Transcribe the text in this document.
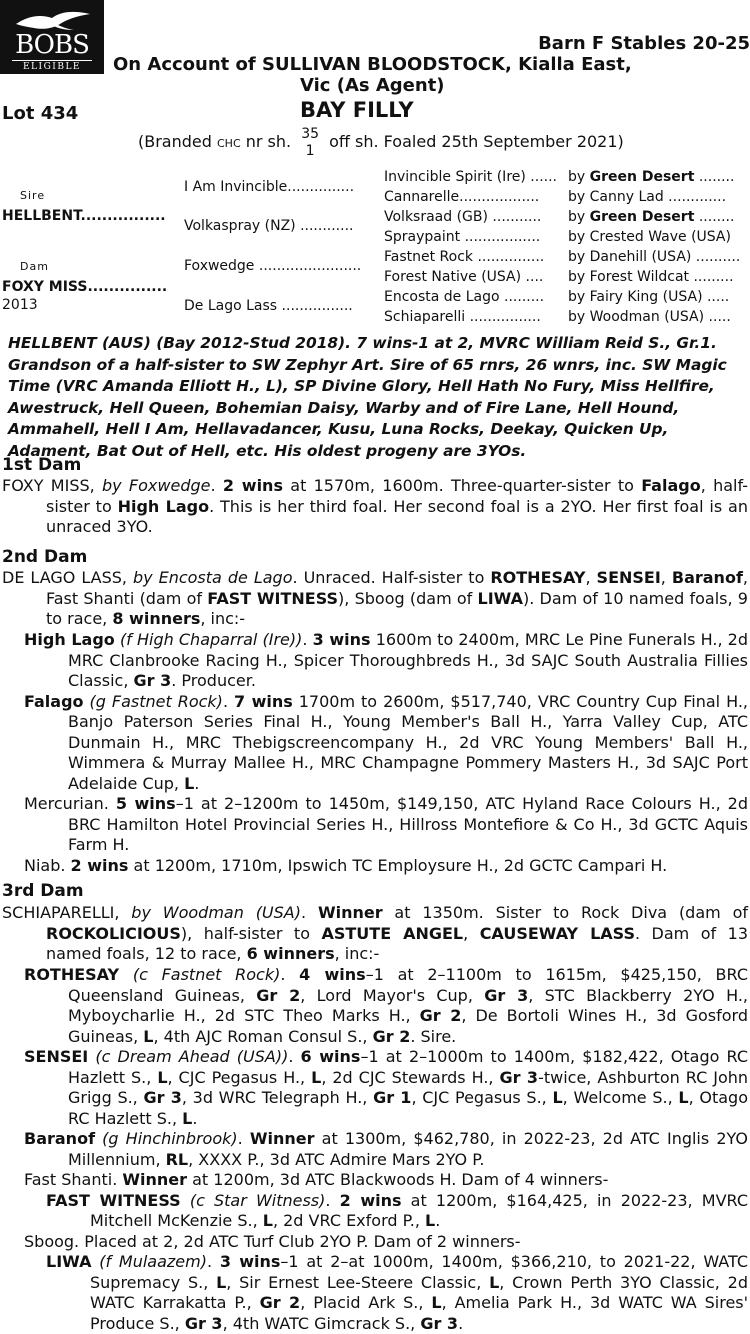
BOBS
ELIGIBLE
Barn F Stables 20-25
On Account of SULLIVAN BLOODSTOCK, Kialla East,
Vic (As Agent)
Lot 434	BAY FILLY
(Branded CHC nr sh. 35
1 off sh. Foaled 25th September 2021)
Sire
HELLBENT................
Dam
FOXY MISS...............
2013
I Am Invincible...............
Volkaspray (NZ) ............
Foxwedge .......................
De Lago Lass ................
Invincible Spirit (Ire) ......
Cannarelle..................
Volksraad (GB) ...........
Spraypaint .................
Fastnet Rock ...............
Forest Native (USA) ....
Encosta de Lago .........
Schiaparelli ................
by Green Desert ........
by Canny Lad .............
by Green Desert ........
by Crested Wave (USA)
by Danehill (USA) ..........
by Forest Wildcat .........
by Fairy King (USA) .....
by Woodman (USA) .....
HELLBENT (AUS) (Bay 2012-Stud 2018). 7 wins-1 at 2, MVRC William Reid S., Gr.1. Grandson of a half-sister to SW Zephyr Art. Sire of 65 rnrs, 26 wnrs, inc. SW Magic Time (VRC Amanda Elliott H., L), SP Divine Glory, Hell Hath No Fury, Miss Hellfire, Awestruck, Hell Queen, Bohemian Daisy, Warby and of Fire Lane, Hell Hound, Ammahell, Hell I Am, Hellavadancer, Kusu, Luna Rocks, Deekay, Quicken Up, Adament, Bat Out of Hell, etc. His oldest progeny are 3YOs.
1st Dam
FOXY MISS, by Foxwedge. 2 wins at 1570m, 1600m. Three-quarter-sister to Falago, half-sister to High Lago. This is her third foal. Her second foal is a 2YO. Her first foal is an unraced 3YO.
2nd Dam
DE LAGO LASS, by Encosta de Lago. Unraced. Half-sister to ROTHESAY, SENSEI, Baranof, Fast Shanti (dam of FAST WITNESS), Sboog (dam of LIWA). Dam of 10 named foals, 9 to race, 8 winners, inc:-
High Lago (f High Chaparral (Ire)). 3 wins 1600m to 2400m, MRC Le Pine Funerals H., 2d MRC Clanbrooke Racing H., Spicer Thoroughbreds H., 3d SAJC South Australia Fillies Classic, Gr 3. Producer.
Falago (g Fastnet Rock). 7 wins 1700m to 2600m, $517,740, VRC Country Cup Final H., Banjo Paterson Series Final H., Young Member's Ball H., Yarra Valley Cup, ATC Dunmain H., MRC Thebigscreencompany H., 2d VRC Young Members' Ball H., Wimmera & Murray Mallee H., MRC Champagne Pommery Masters H., 3d SAJC Port Adelaide Cup, L.
Mercurian. 5 wins–1 at 2–1200m to 1450m, $149,150, ATC Hyland Race Colours H., 2d BRC Hamilton Hotel Provincial Series H., Hillross Montefiore & Co H., 3d GCTC Aquis Farm H.
Niab. 2 wins at 1200m, 1710m, Ipswich TC Employsure H., 2d GCTC Campari H.
3rd Dam
SCHIAPARELLI, by Woodman (USA). Winner at 1350m. Sister to Rock Diva (dam of ROCKOLICIOUS), half-sister to ASTUTE ANGEL, CAUSEWAY LASS. Dam of 13 named foals, 12 to race, 6 winners, inc:-
ROTHESAY (c Fastnet Rock). 4 wins–1 at 2–1100m to 1615m, $425,150, BRC Queensland Guineas, Gr 2, Lord Mayor's Cup, Gr 3, STC Blackberry 2YO H., Myboycharlie H., 2d STC Theo Marks H., Gr 2, De Bortoli Wines H., 3d Gosford Guineas, L, 4th AJC Roman Consul S., Gr 2. Sire.
SENSEI (c Dream Ahead (USA)). 6 wins–1 at 2–1000m to 1400m, $182,422, Otago RC Hazlett S., L, CJC Pegasus H., L, 2d CJC Stewards H., Gr 3-twice, Ashburton RC John Grigg S., Gr 3, 3d WRC Telegraph H., Gr 1, CJC Pegasus S., L, Welcome S., L, Otago RC Hazlett S., L.
Baranof (g Hinchinbrook). Winner at 1300m, $462,780, in 2022-23, 2d ATC Inglis 2YO Millennium, RL, XXXX P., 3d ATC Admire Mars 2YO P.
Fast Shanti. Winner at 1200m, 3d ATC Blackwoods H. Dam of 4 winners-
FAST WITNESS (c Star Witness). 2 wins at 1200m, $164,425, in 2022-23, MVRC Mitchell McKenzie S., L, 2d VRC Exford P., L.
Sboog. Placed at 2, 2d ATC Turf Club 2YO P. Dam of 2 winners-
LIWA (f Mulaazem). 3 wins–1 at 2–at 1000m, 1400m, $366,210, to 2021-22, WATC Supremacy S., L, Sir Ernest Lee-Steere Classic, L, Crown Perth 3YO Classic, 2d WATC Karrakatta P., Gr 2, Placid Ark S., L, Amelia Park H., 3d WATC WA Sires' Produce S., Gr 3, 4th WATC Gimcrack S., Gr 3.
